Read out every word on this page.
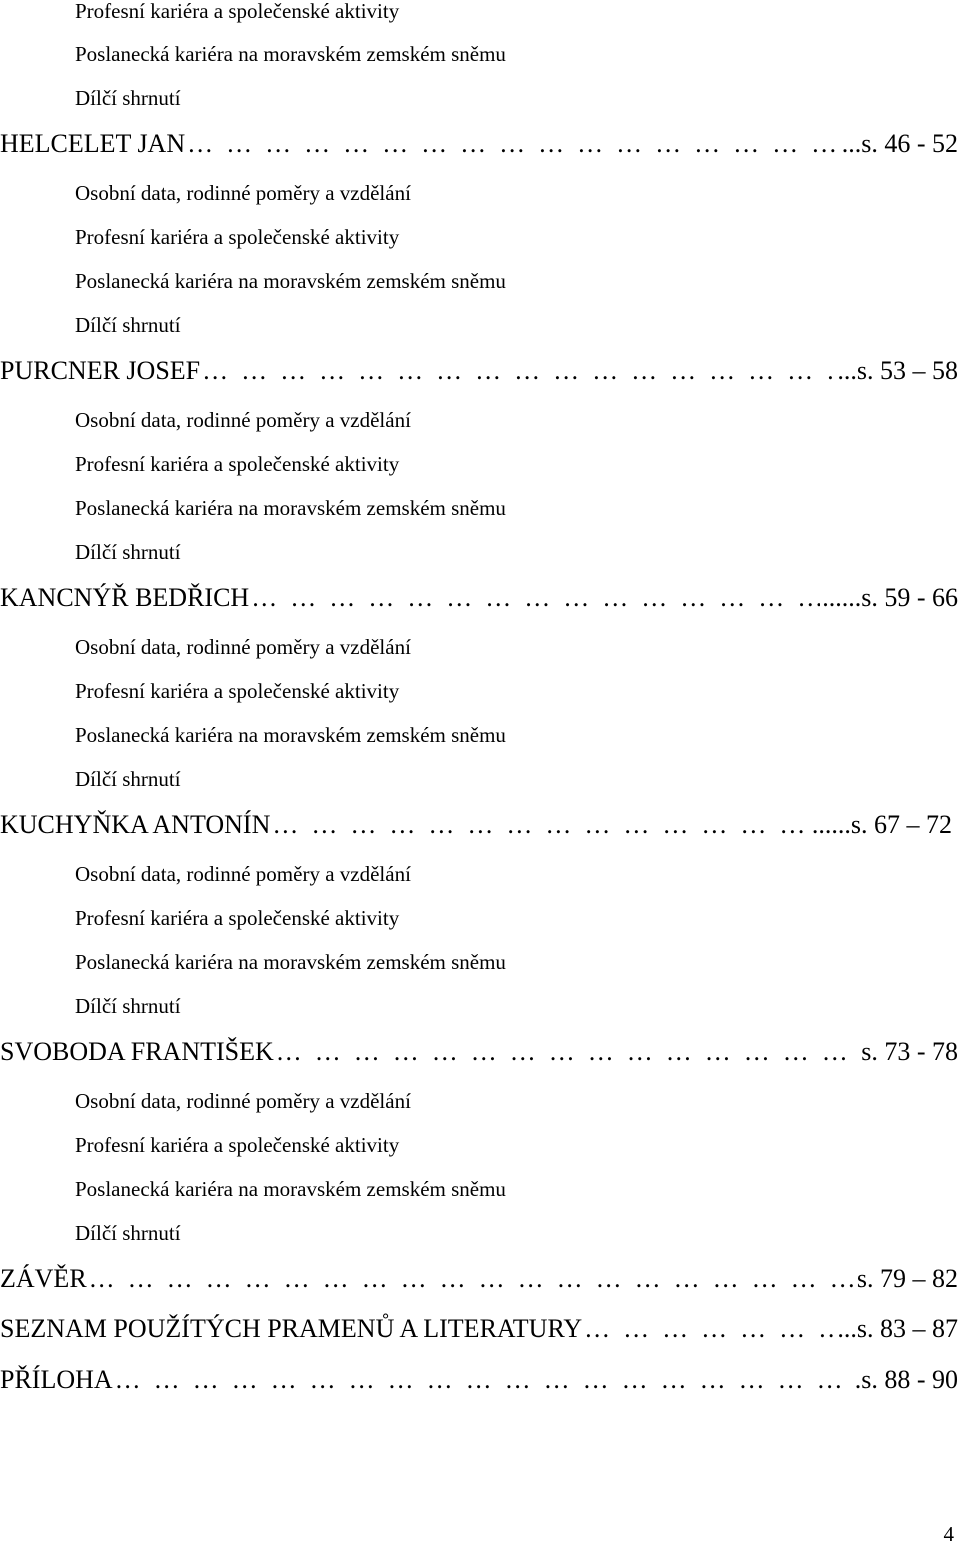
Profesní kariéra a společenské aktivity
Poslanecká kariéra na moravském zemském sněmu
Dílčí shrnutí
HELCELET JAN … … … … … … … … … … … … … … … … … … … … … … … … … … … … … … … … … … … … … … … …	...s. 46 - 52
Osobní data, rodinné poměry a vzdělání
Profesní kariéra a společenské aktivity
Poslanecká kariéra na moravském zemském sněmu
Dílčí shrnutí
PURCNER JOSEF … … … … … … … … … … … … … … … … … … … … … … … … … … … … … … … … … … … … … … … …	...s. 53 – 58
Osobní data, rodinné poměry a vzdělání
Profesní kariéra a společenské aktivity
Poslanecká kariéra na moravském zemském sněmu
Dílčí shrnutí
KANCNÝŘ BEDŘICH … … … … … … … … … … … … … … … … … … … … … … … … … … … … … … … … … … … … … … … …	......s. 59 - 66
Osobní data, rodinné poměry a vzdělání
Profesní kariéra a společenské aktivity
Poslanecká kariéra na moravském zemském sněmu
Dílčí shrnutí
KUCHYŇKA ANTONÍN … … … … … … … … … … … … … … … … … … … … … … … … … … … … … … … … … … … … … … … …	......s. 67 – 72
Osobní data, rodinné poměry a vzdělání
Profesní kariéra a společenské aktivity
Poslanecká kariéra na moravském zemském sněmu
Dílčí shrnutí
SVOBODA FRANTIŠEK … … … … … … … … … … … … … … … … … … … … … … … … … … … … … … … … … … … … … … … …	s. 73 - 78
Osobní data, rodinné poměry a vzdělání
Profesní kariéra a společenské aktivity
Poslanecká kariéra na moravském zemském sněmu
Dílčí shrnutí
ZÁVĚR … … … … … … … … … … … … … … … … … … … … … … … … … … … … … … … … … … … … … … … …	s. 79 – 82
SEZNAM POUŽÍTÝCH PRAMENŮ A LITERATURY … … … … … … … … … … … … … … … … … … … … … … … … … … … … … … … … … … … … … … … …	...s. 83 – 87
PŘÍLOHA … … … … … … … … … … … … … … … … … … … … … … … … … … … … … … … … … … … … … … … …	.s. 88 - 90
4
